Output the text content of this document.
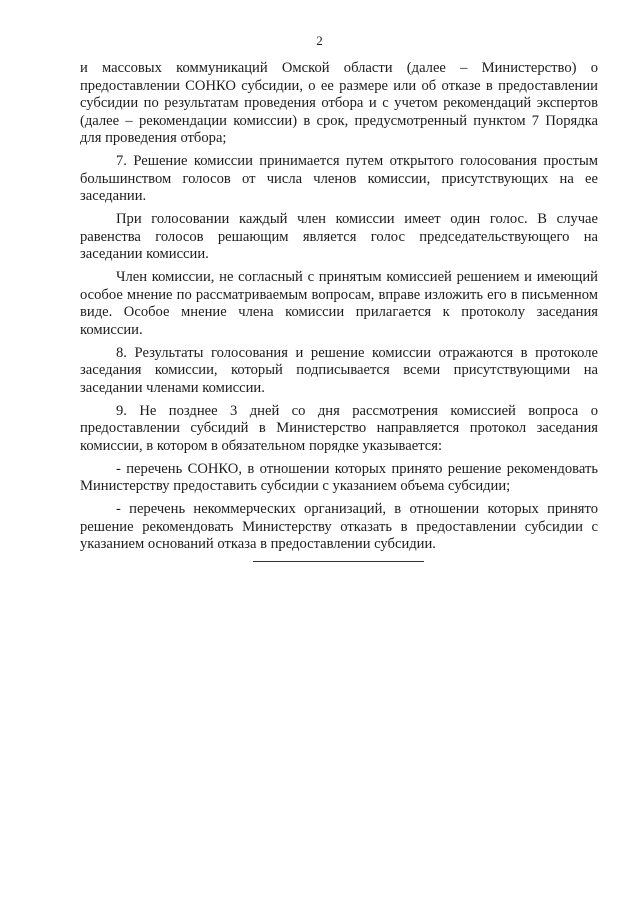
2

и массовых коммуникаций Омской области (далее – Министерство) о предоставлении СОНКО субсидии, о ее размере или об отказе в предоставлении субсидии по результатам проведения отбора и с учетом рекомендаций экспертов (далее – рекомендации комиссии) в срок, предусмотренный пунктом 7 Порядка для проведения отбора;

7. Решение комиссии принимается путем открытого голосования простым большинством голосов от числа членов комиссии, присутствующих на ее заседании.

При голосовании каждый член комиссии имеет один голос. В случае равенства голосов решающим является голос председательствующего на заседании комиссии.

Член комиссии, не согласный с принятым комиссией решением и имеющий особое мнение по рассматриваемым вопросам, вправе изложить его в письменном виде. Особое мнение члена комиссии прилагается к протоколу заседания комиссии.

8. Результаты голосования и решение комиссии отражаются в протоколе заседания комиссии, который подписывается всеми присутствующими на заседании членами комиссии.

9. Не позднее 3 дней со дня рассмотрения комиссией вопроса о предоставлении субсидий в Министерство направляется протокол заседания комиссии, в котором в обязательном порядке указывается:

- перечень СОНКО, в отношении которых принято решение рекомендовать Министерству предоставить субсидии с указанием объема субсидии;

- перечень некоммерческих организаций, в отношении которых принято решение рекомендовать Министерству отказать в предоставлении субсидии с указанием оснований отказа в предоставлении субсидии.
